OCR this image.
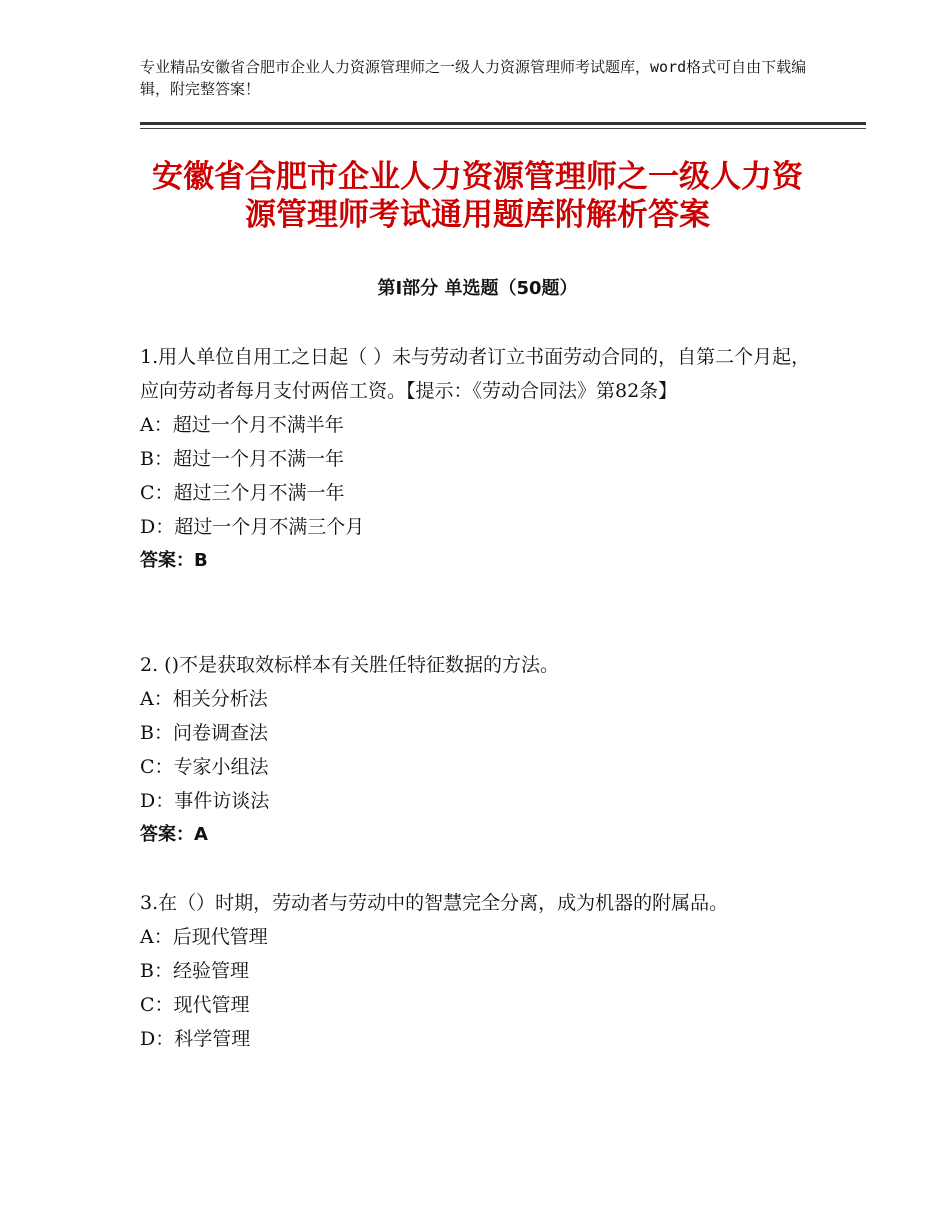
专业精品安徽省合肥市企业人力资源管理师之一级人力资源管理师考试题库，word格式可自由下载编辑，附完整答案！
安徽省合肥市企业人力资源管理师之一级人力资源管理师考试通用题库附解析答案
第Ⅰ部分 单选题（50题）

1.用人单位自用工之日起（ ）未与劳动者订立书面劳动合同的，自第二个月起，应向劳动者每月支付两倍工资。【提示：《劳动合同法》第82条】

A：超过一个月不满半年

B：超过一个月不满一年

C：超过三个月不满一年

D：超过一个月不满三个月

答案：B

2. ()不是获取效标样本有关胜任特征数据的方法。

A：相关分析法

B：问卷调查法

C：专家小组法

D：事件访谈法

答案：A

3.在（）时期，劳动者与劳动中的智慧完全分离，成为机器的附属品。

A：后现代管理

B：经验管理

C：现代管理

D：科学管理
